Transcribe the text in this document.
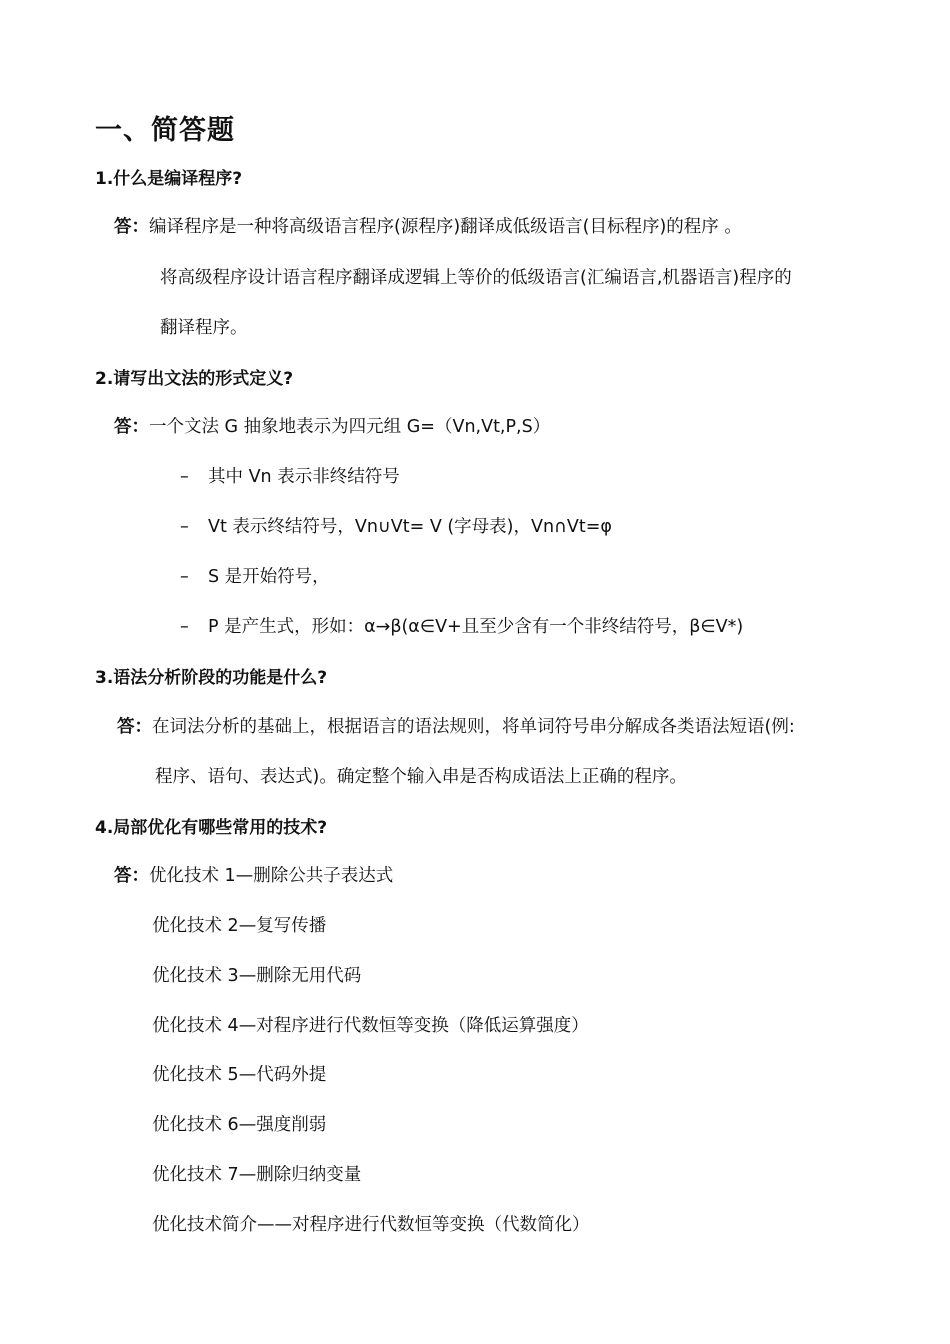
一、简答题
1.什么是编译程序?
答：编译程序是一种将高级语言程序(源程序)翻译成低级语言(目标程序)的程序 。
将高级程序设计语言程序翻译成逻辑上等价的低级语言(汇编语言,机器语言)程序的
翻译程序。
2.请写出文法的形式定义?
答：一个文法 G 抽象地表示为四元组 G=（Vn,Vt,P,S）
– 其中 Vn 表示非终结符号
– Vt 表示终结符号，Vn∪Vt= V (字母表)，Vn∩Vt=φ
– S 是开始符号，
– P 是产生式，形如：α→β(α∈V+且至少含有一个非终结符号，β∈V*)
3.语法分析阶段的功能是什么?
答：在词法分析的基础上，根据语言的语法规则，将单词符号串分解成各类语法短语(例:
程序、语句、表达式)。确定整个输入串是否构成语法上正确的程序。
4.局部优化有哪些常用的技术?
答：优化技术 1—删除公共子表达式
优化技术 2—复写传播
优化技术 3—删除无用代码
优化技术 4—对程序进行代数恒等变换（降低运算强度）
优化技术 5—代码外提
优化技术 6—强度削弱
优化技术 7—删除归纳变量
优化技术简介——对程序进行代数恒等变换（代数简化）
